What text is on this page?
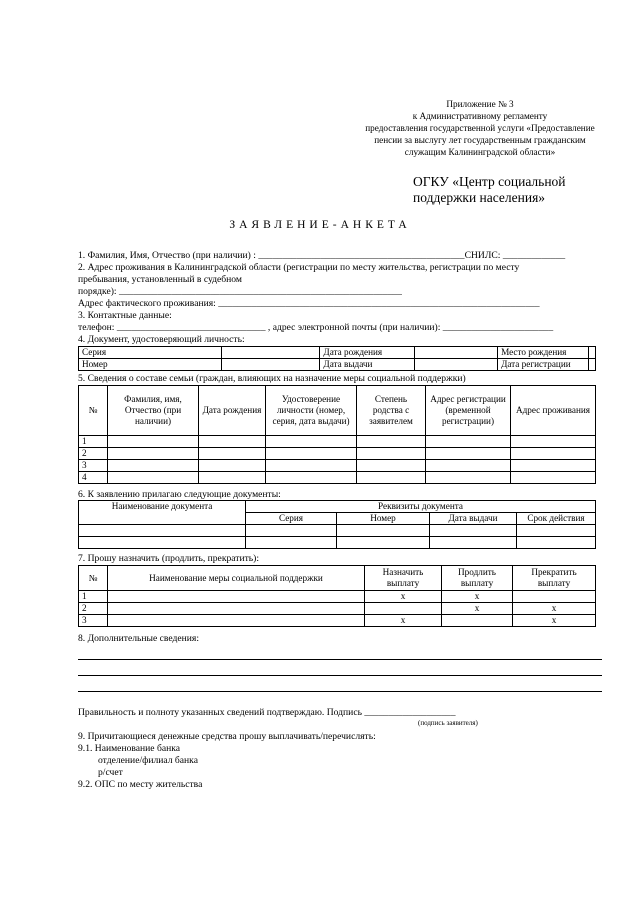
Приложение № 3
к Административному регламенту
предоставления государственной услуги «Предоставление
пенсии за выслугу лет государственным гражданским
служащим Калининградской области»
ОГКУ «Центр социальной
поддержки населения»
ЗАЯВЛЕНИЕ-АНКЕТА
1. Фамилия, Имя, Отчество (при наличии) : ___________________________________________СНИЛС: _____________
2. Адрес проживания в Калининградской области (регистрации по месту жительства, регистрации по месту
пребывания, установленный в судебном
порядке): ___________________________________________________________
Адрес фактического проживания: ___________________________________________________________________
3. Контактные данные:
телефон: _______________________________ , адрес электронной почты (при наличии): _______________________
4. Документ, удостоверяющий личность:
Серия		Дата рождения		Место рождения	
Номер		Дата выдачи		Дата регистрации	
5. Сведения о составе семьи (граждан, влияющих на назначение меры социальной поддержки)
№	Фамилия, имя, Отчество (при наличии)	Дата рождения	Удостоверение личности (номер, серия, дата выдачи)	Степень родства с заявителем	Адрес регистрации (временной регистрации)	Адрес проживания
1						
2						
3						
4						
6. К заявлению прилагаю следующие документы:
Наименование документа	Реквизиты документа			
	Серия	Номер	Дата выдачи	Срок действия

7. Прошу назначить (продлить, прекратить):
№	Наименование меры социальной поддержки	Назначить выплату	Продлить выплату	Прекратить выплату
1		x	x	
2			x	x
3		x		x
8. Дополнительные сведения:
Правильность и полноту указанных сведений подтверждаю. Подпись ___________________
(подпись заявителя)
9. Причитающиеся денежные средства прошу выплачивать/перечислять:
9.1. Наименование банка
отделение/филиал банка
р/счет
9.2. ОПС по месту жительства
